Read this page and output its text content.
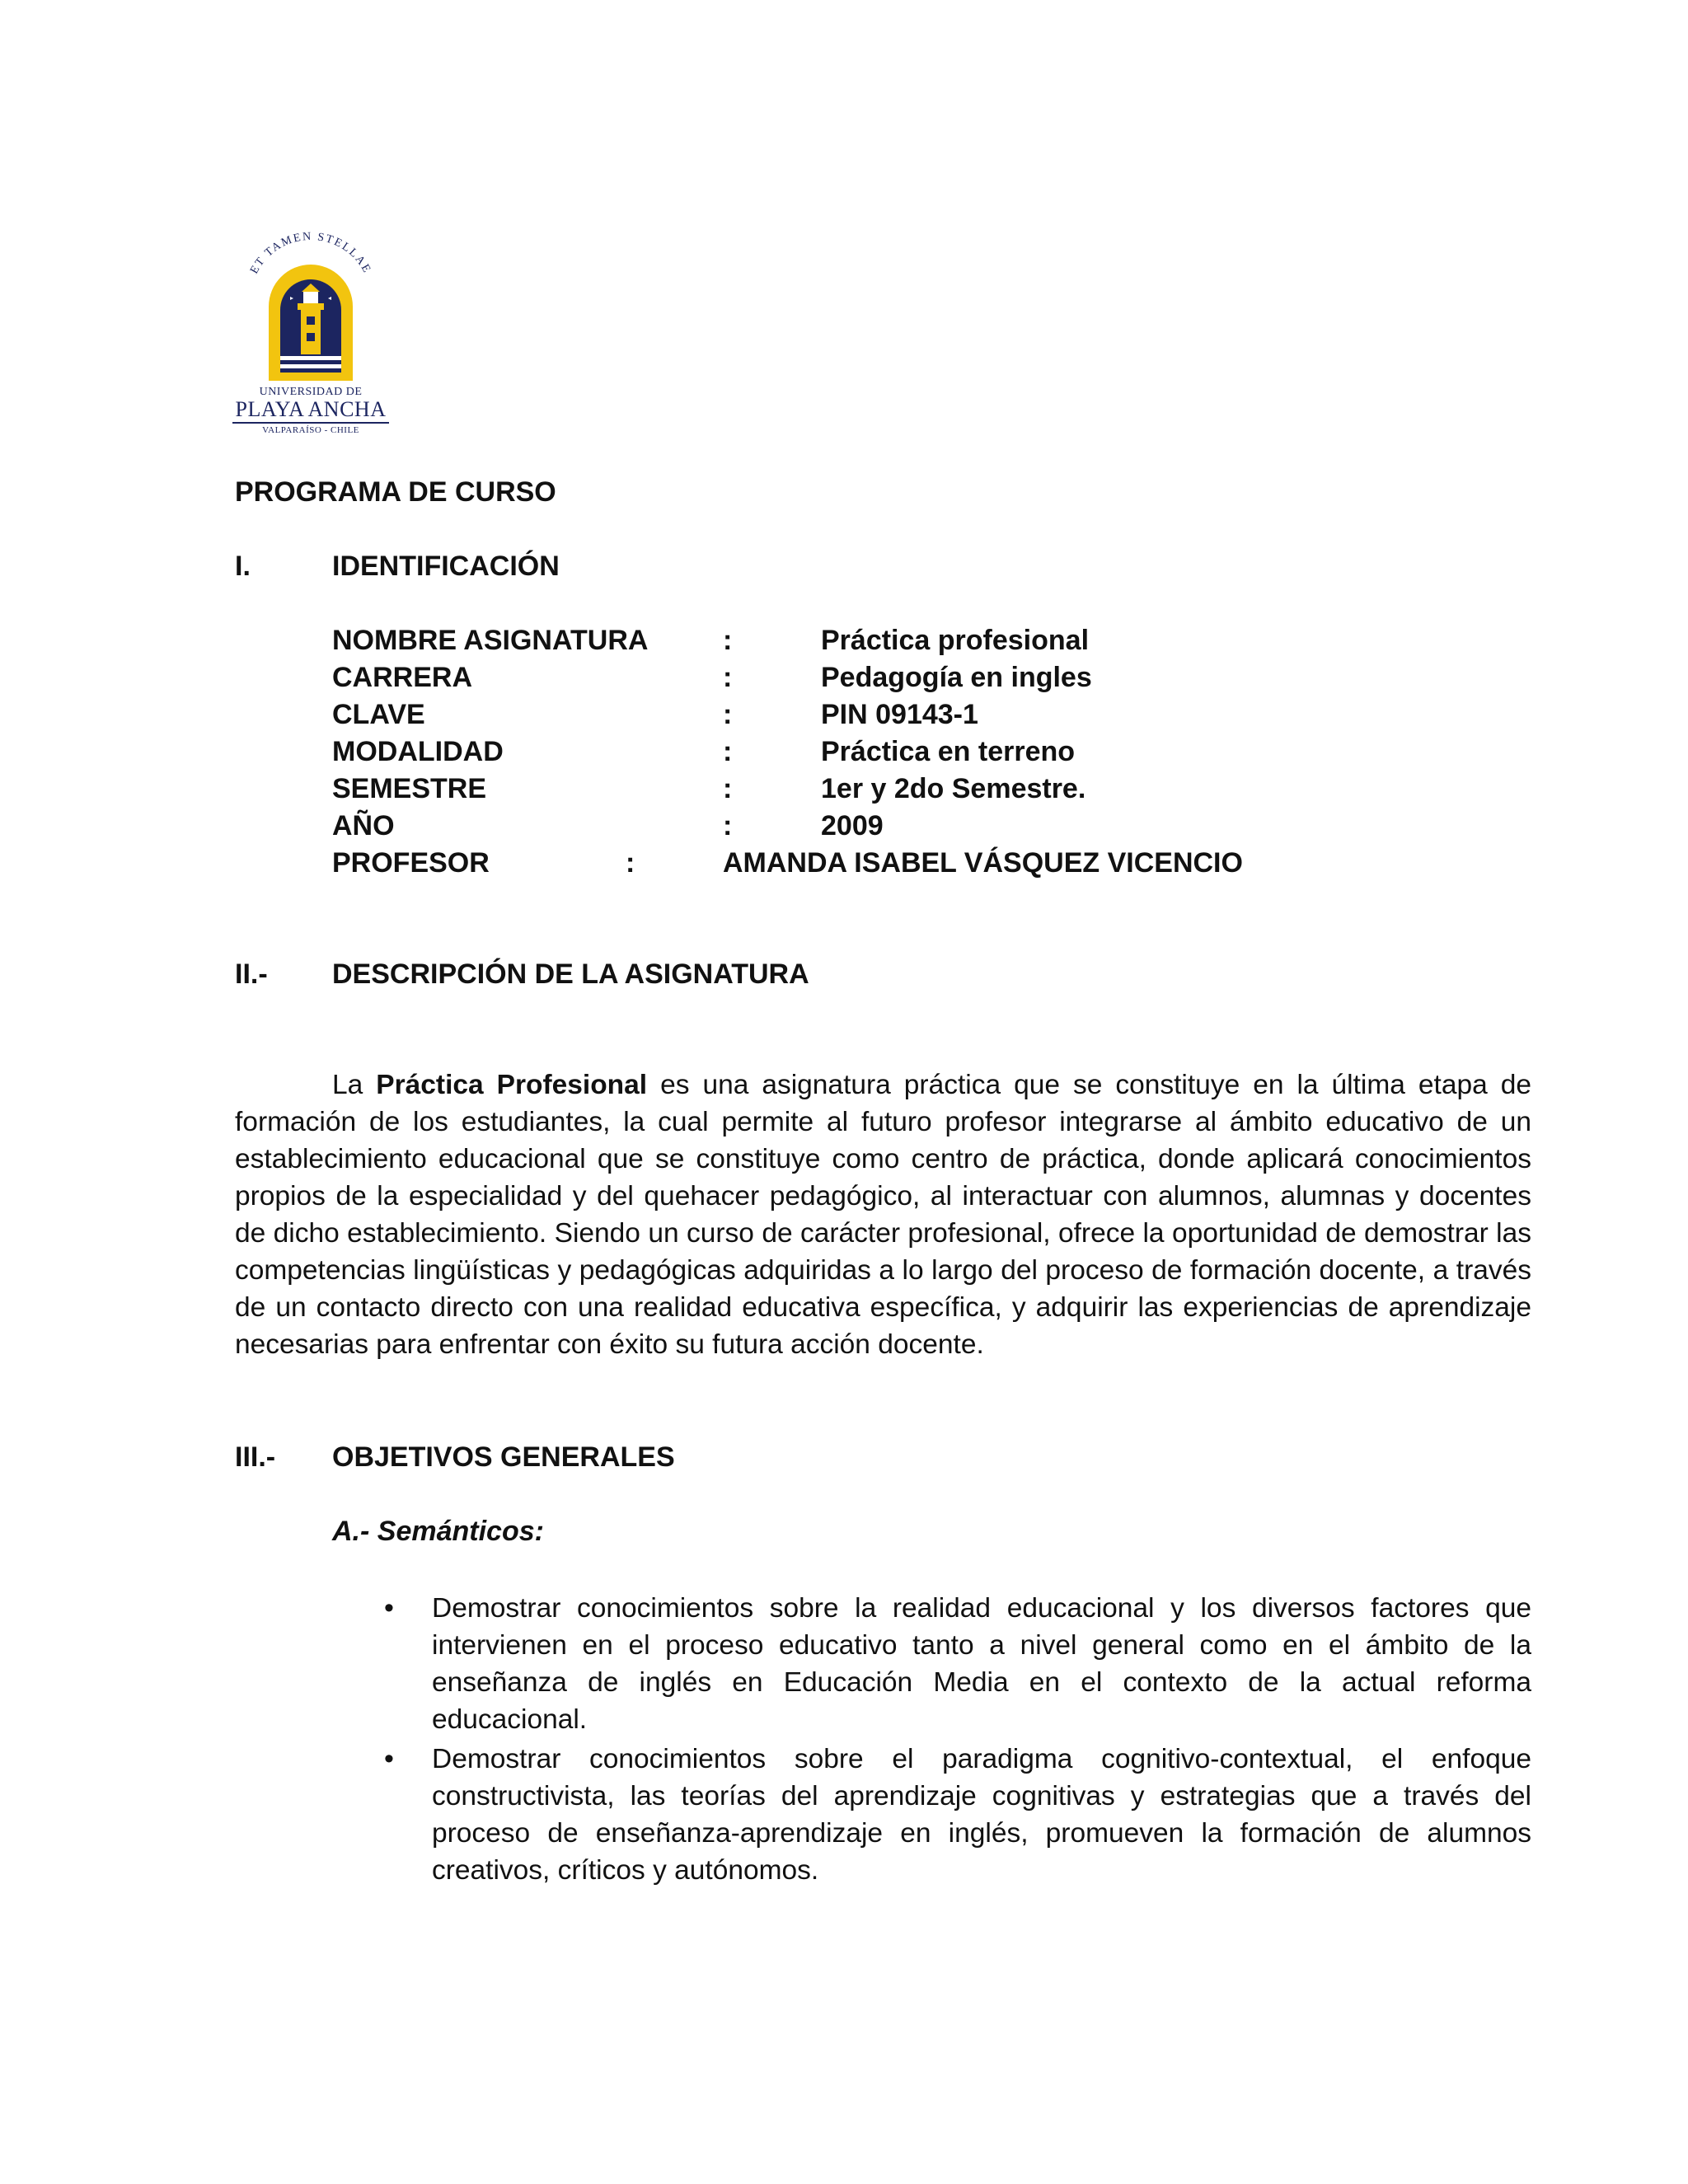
ET TAMEN STELLAE
UNIVERSIDAD DE
PLAYA ANCHA
VALPARAÍSO - CHILE
PROGRAMA DE CURSO
I.	IDENTIFICACIÓN
NOMBRE ASIGNATURA	:	Práctica profesional
CARRERA	:	Pedagogía en ingles
CLAVE	:	PIN 09143-1
MODALIDAD	:	Práctica en terreno
SEMESTRE	:	1er y 2do Semestre.
AÑO	:	2009
PROFESOR	:	AMANDA ISABEL VÁSQUEZ VICENCIO
II.- DESCRIPCIÓN DE LA ASIGNATURA

La Práctica Profesional es una asignatura práctica que se constituye en la última etapa de formación de los estudiantes, la cual permite al futuro profesor integrarse al ámbito educativo de un establecimiento educacional que se constituye como centro de práctica, donde aplicará conocimientos propios de la especialidad y del quehacer pedagógico, al interactuar con alumnos, alumnas y docentes de dicho establecimiento. Siendo un curso de carácter profesional, ofrece la oportunidad de demostrar las competencias lingüísticas y pedagógicas adquiridas a lo largo del proceso de formación docente, a través de un contacto directo con una realidad educativa específica, y adquirir las experiencias de aprendizaje necesarias para enfrentar con éxito su futura acción docente.

III.- OBJETIVOS GENERALES
A.- Semánticos:
• Demostrar conocimientos sobre la realidad educacional y los diversos factores que intervienen en el proceso educativo tanto a nivel general como en el ámbito de la enseñanza de inglés en Educación Media en el contexto de la actual reforma educacional.
• Demostrar conocimientos sobre el paradigma cognitivo-contextual, el enfoque constructivista, las teorías del aprendizaje cognitivas y estrategias que a través del proceso de enseñanza-aprendizaje en inglés, promueven la formación de alumnos creativos, críticos y autónomos.
